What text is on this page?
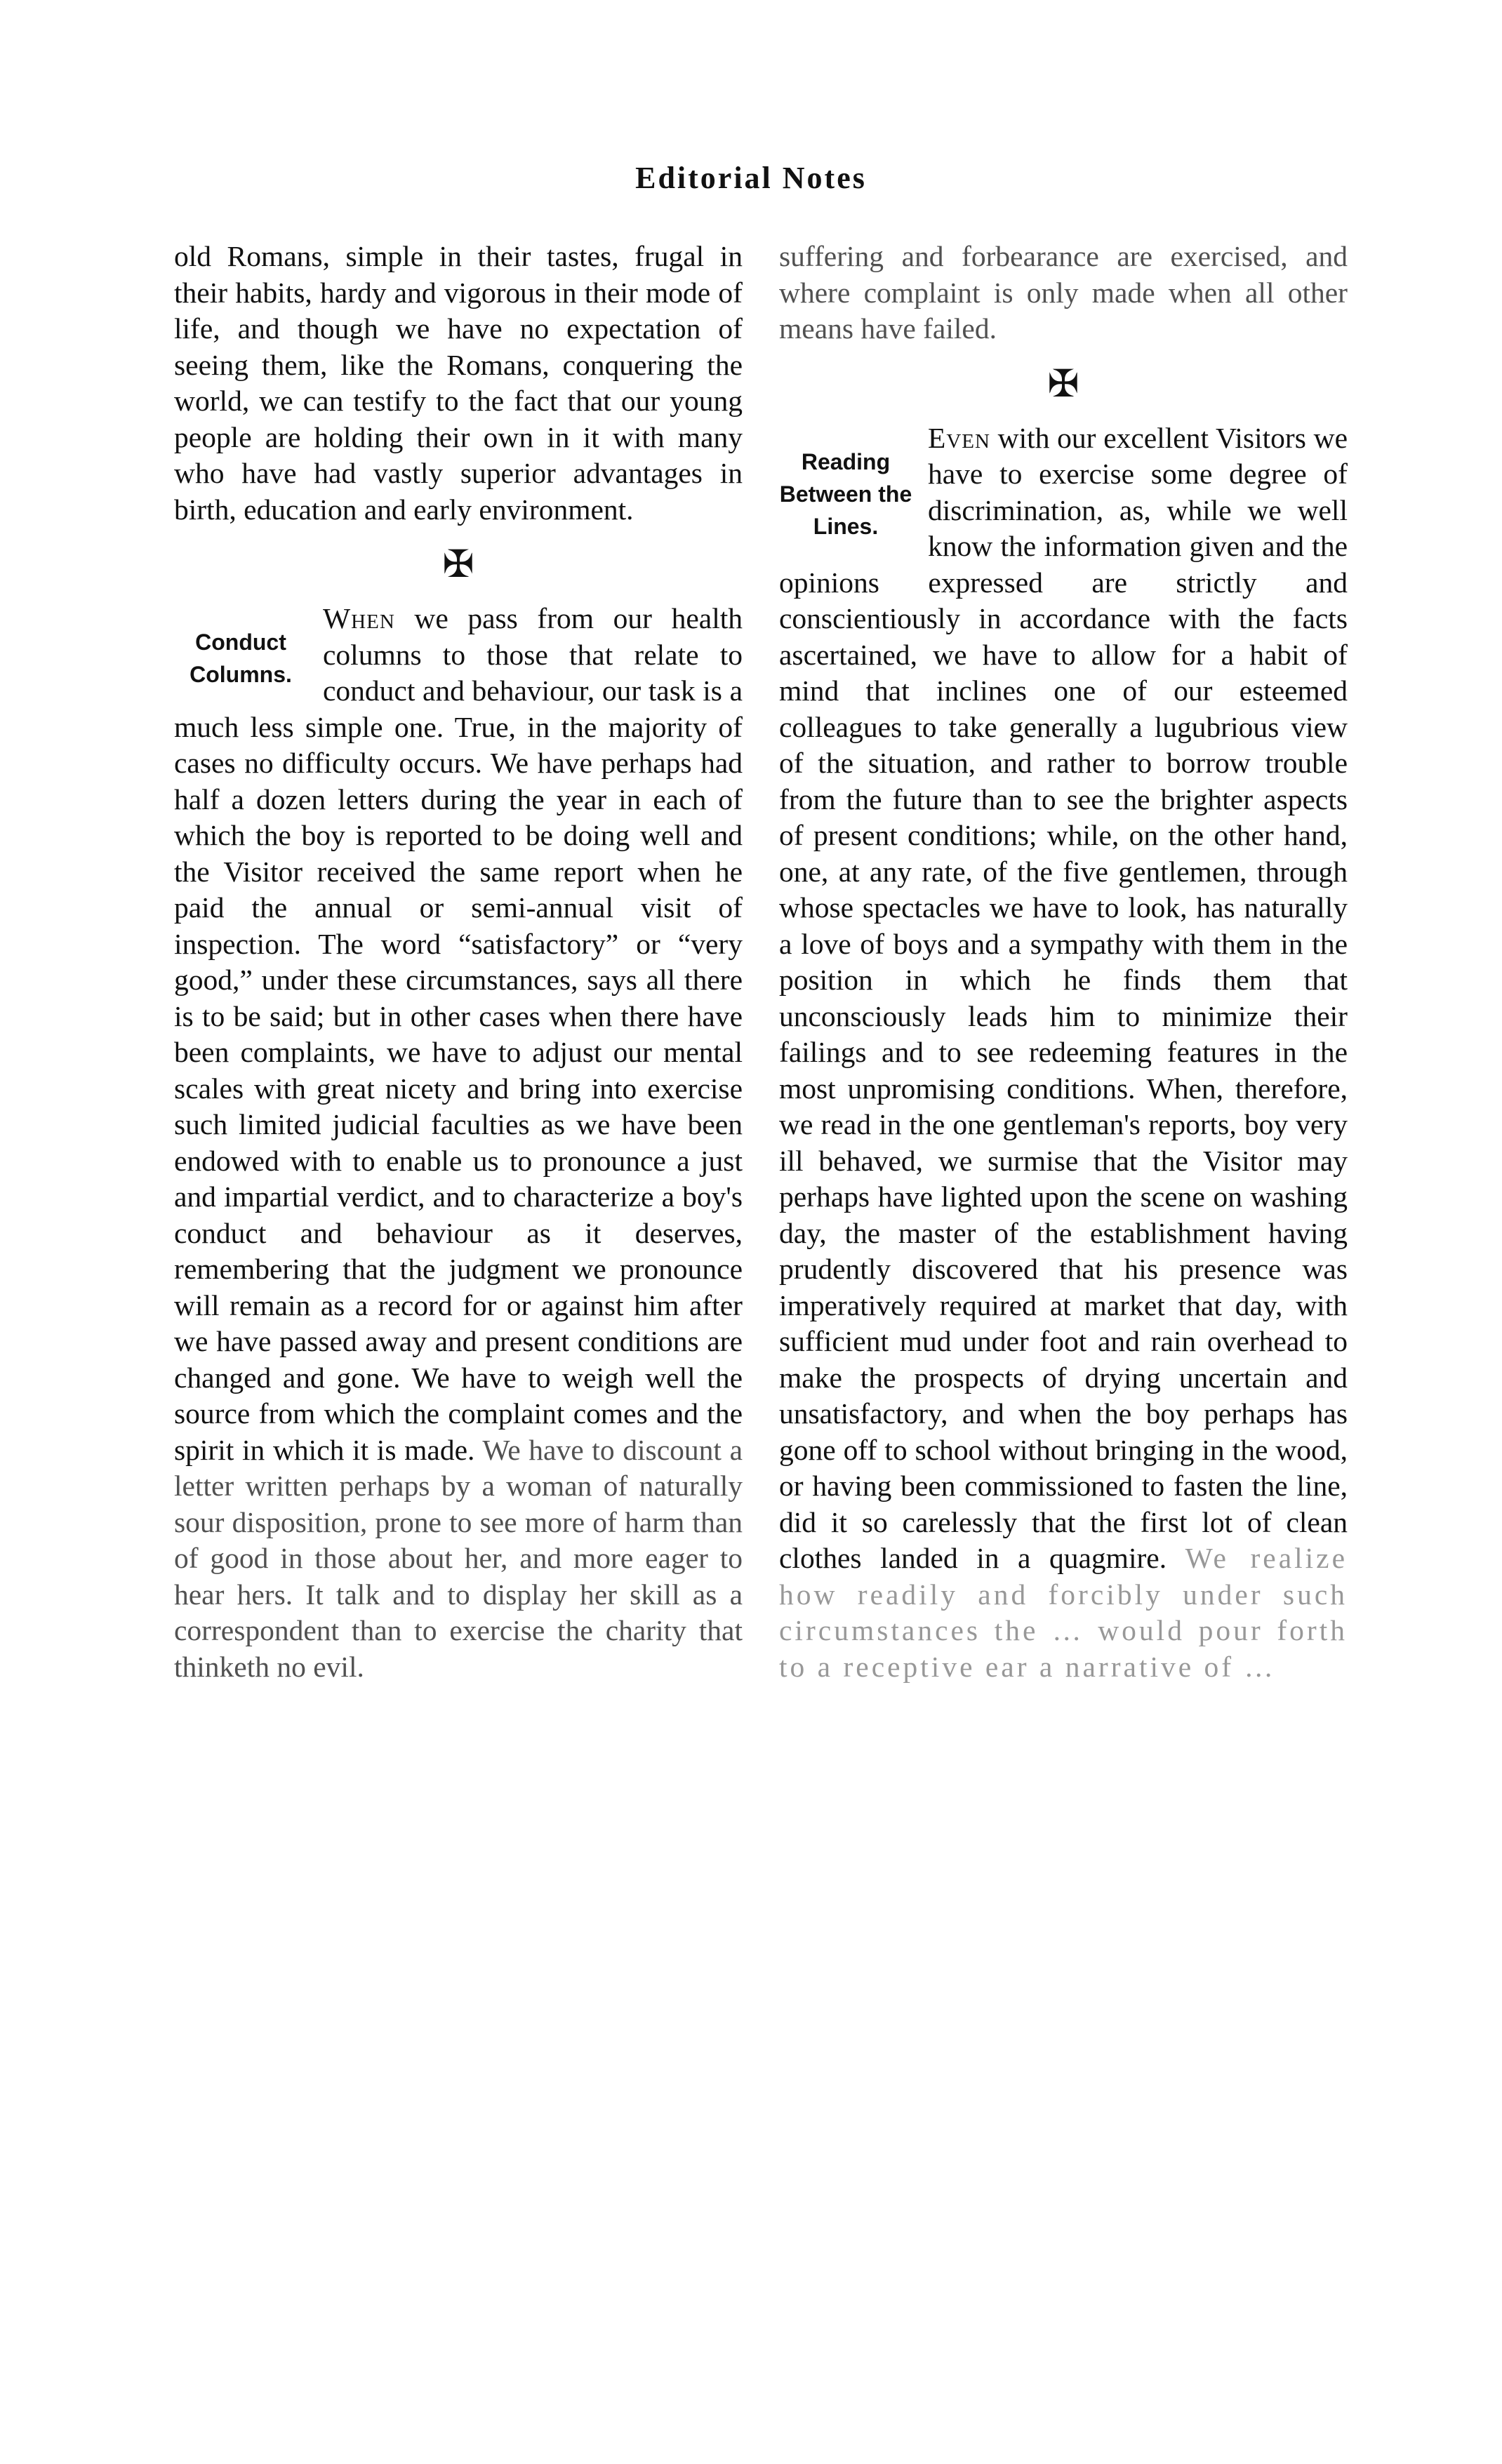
Editorial Notes

old Romans, simple in their tastes, frugal in their habits, hardy and vigorous in their mode of life, and though we have no expectation of seeing them, like the Romans, conquering the world, we can testify to the fact that our young people are holding their own in it with many who have had vastly superior advantages in birth, education and early environment.

✠
Conduct
Columns.

When we pass from our health columns to those that relate to conduct and behaviour, our task is a much less simple one. True, in the majority of cases no difficulty occurs. We have perhaps had half a dozen letters during the year in each of which the boy is reported to be doing well and the Visitor received the same report when he paid the annual or semi-annual visit of inspection. The word “satisfactory” or “very good,” under these circumstances, says all there is to be said; but in other cases when there have been complaints, we have to adjust our mental scales with great nicety and bring into exercise such limited judicial faculties as we have been endowed with to enable us to pronounce a just and impartial verdict, and to characterize a boy's conduct and behaviour as it deserves, remembering that the judgment we pronounce will remain as a record for or against him after we have passed away and present conditions are changed and gone. We have to weigh well the source from which the complaint comes and the spirit in which it is made. We have to discount a letter written perhaps by a woman of naturally sour disposition, prone to see more of harm than of good in those about her, and more eager to hear hers. It talk and to display her skill as a correspondent than to exercise the charity that thinketh no evil.

suffering and forbearance are exercised, and where complaint is only made when all other means have failed.

✠
Reading
Between the
Lines.

Even with our excellent Visitors we have to exercise some degree of discrimination, as, while we well know the information given and the opinions expressed are strictly and conscientiously in accordance with the facts ascertained, we have to allow for a habit of mind that inclines one of our esteemed colleagues to take generally a lugubrious view of the situation, and rather to borrow trouble from the future than to see the brighter aspects of present conditions; while, on the other hand, one, at any rate, of the five gentlemen, through whose spectacles we have to look, has naturally a love of boys and a sympathy with them in the position in which he finds them that unconsciously leads him to minimize their failings and to see redeeming features in the most unpromising conditions. When, therefore, we read in the one gentleman's reports, boy very ill behaved, we surmise that the Visitor may perhaps have lighted upon the scene on washing day, the master of the establishment having prudently discovered that his presence was imperatively required at market that day, with sufficient mud under foot and rain overhead to make the prospects of drying uncertain and unsatisfactory, and when the boy perhaps has gone off to school without bringing in the wood, or having been commissioned to fasten the line, did it so carelessly that the first lot of clean clothes landed in a quagmire. We realize how readily and forcibly under such circumstances the … would pour forth to a receptive ear a narrative of …
